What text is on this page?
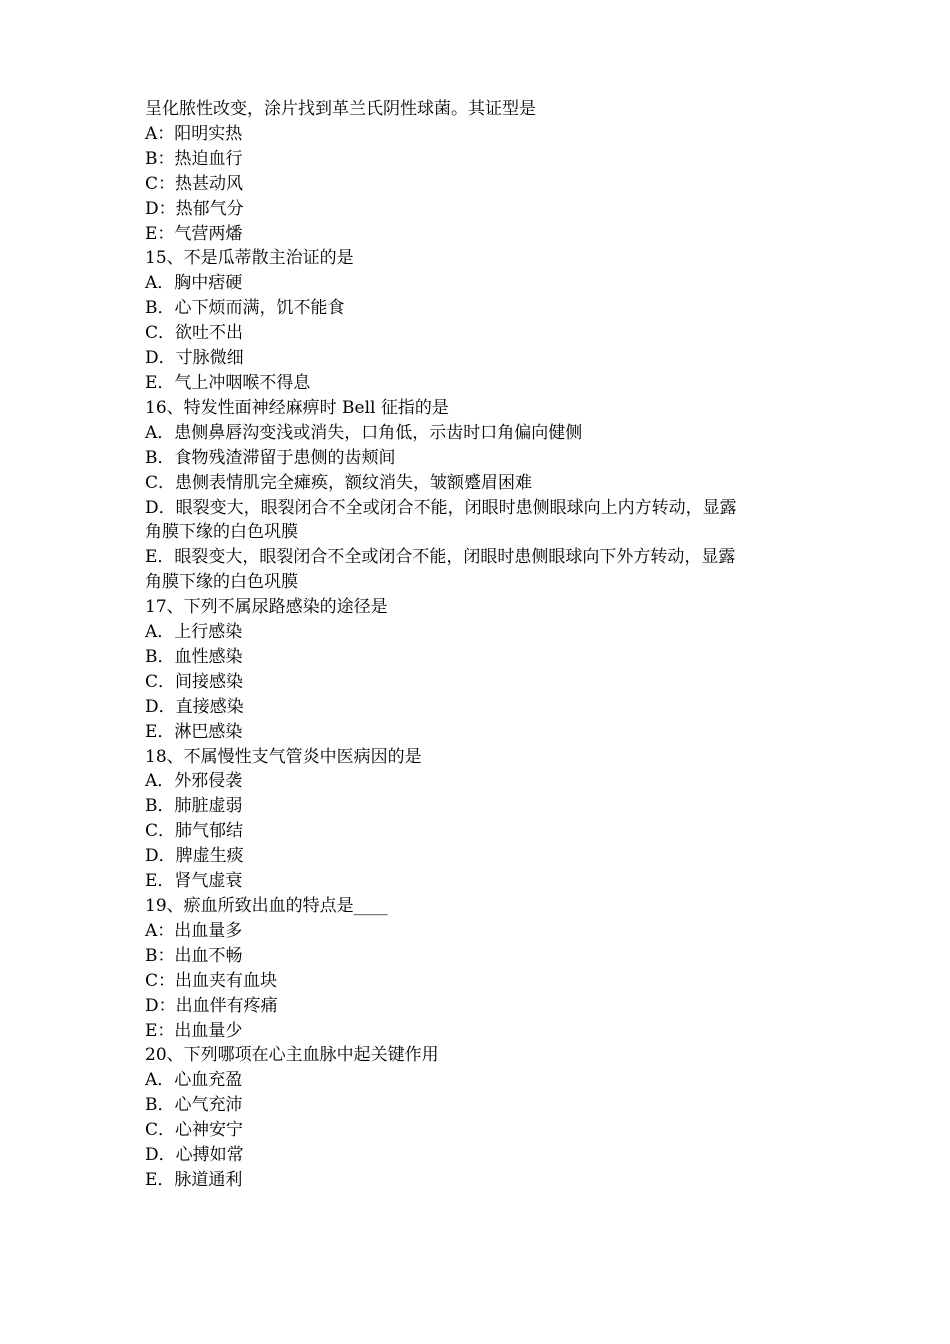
呈化脓性改变，涂片找到革兰氏阴性球菌。其证型是
A：阳明实热
B：热迫血行
C：热甚动风
D：热郁气分
E：气营两燔
15、不是瓜蒂散主治证的是
A．胸中痞硬
B．心下烦而满，饥不能食
C．欲吐不出
D．寸脉微细
E．气上冲咽喉不得息
16、特发性面神经麻痹时 Bell 征指的是
A．患侧鼻唇沟变浅或消失，口角低，示齿时口角偏向健侧
B．食物残渣滞留于患侧的齿颊间
C．患侧表情肌完全瘫痪，额纹消失，皱额蹙眉困难
D．眼裂变大，眼裂闭合不全或闭合不能，闭眼时患侧眼球向上内方转动，显露
角膜下缘的白色巩膜
E．眼裂变大，眼裂闭合不全或闭合不能，闭眼时患侧眼球向下外方转动，显露
角膜下缘的白色巩膜
17、下列不属尿路感染的途径是
A．上行感染
B．血性感染
C．间接感染
D．直接感染
E．淋巴感染
18、不属慢性支气管炎中医病因的是
A．外邪侵袭
B．肺脏虚弱
C．肺气郁结
D．脾虚生痰
E．肾气虚衰
19、瘀血所致出血的特点是____
A：出血量多
B：出血不畅
C：出血夹有血块
D：出血伴有疼痛
E：出血量少
20、下列哪项在心主血脉中起关键作用
A．心血充盈
B．心气充沛
C．心神安宁
D．心搏如常
E．脉道通利
